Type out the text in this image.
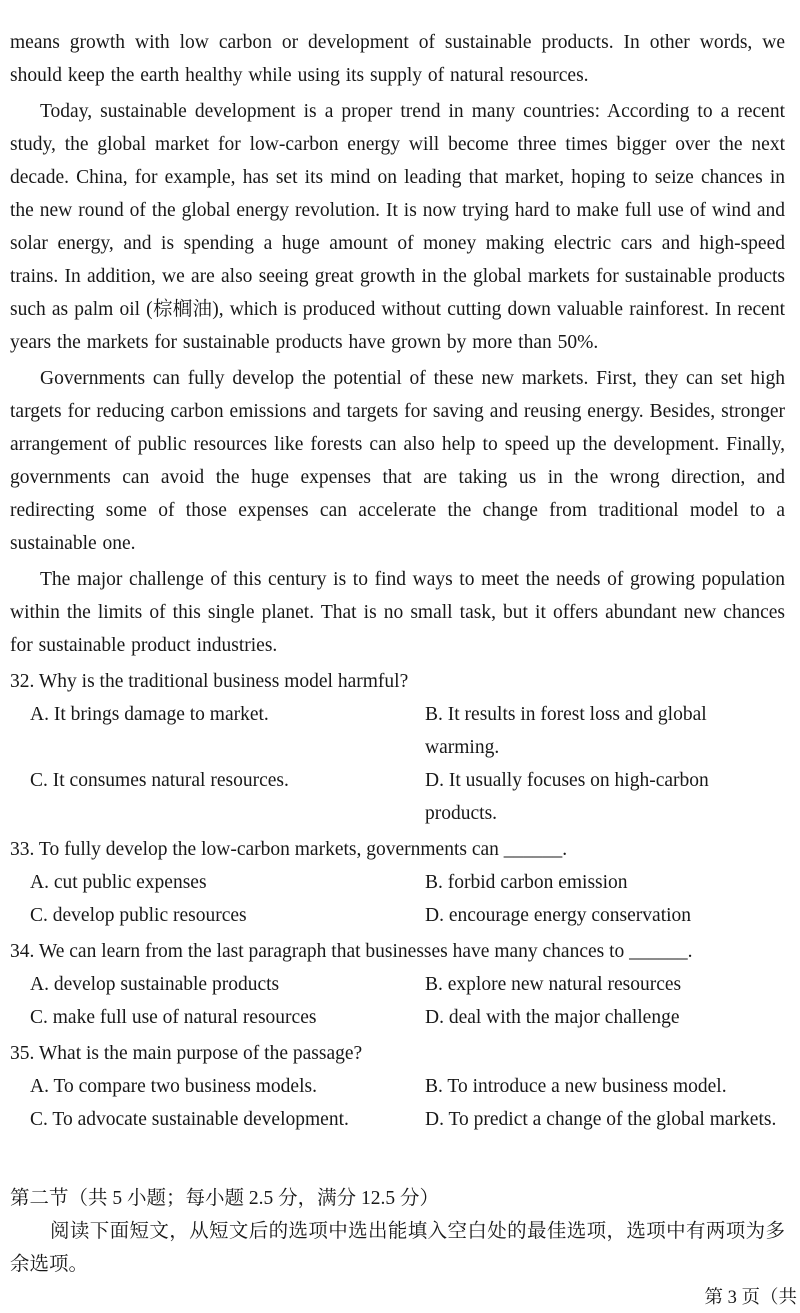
means growth with low carbon or development of sustainable products. In other words, we should keep the earth healthy while using its supply of natural resources.

Today, sustainable development is a proper trend in many countries: According to a recent study, the global market for low-carbon energy will become three times bigger over the next decade. China, for example, has set its mind on leading that market, hoping to seize chances in the new round of the global energy revolution. It is now trying hard to make full use of wind and solar energy, and is spending a huge amount of money making electric cars and high-speed trains. In addition, we are also seeing great growth in the global markets for sustainable products such as palm oil (棕榈油), which is produced without cutting down valuable rainforest. In recent years the markets for sustainable products have grown by more than 50%.

Governments can fully develop the potential of these new markets. First, they can set high targets for reducing carbon emissions and targets for saving and reusing energy. Besides, stronger arrangement of public resources like forests can also help to speed up the development. Finally, governments can avoid the huge expenses that are taking us in the wrong direction, and redirecting some of those expenses can accelerate the change from traditional model to a sustainable one.

The major challenge of this century is to find ways to meet the needs of growing population within the limits of this single planet. That is no small task, but it offers abundant new chances for sustainable product industries.

32. Why is the traditional business model harmful?
A. It brings damage to market.	B. It results in forest loss and global warming.
C. It consumes natural resources.	D. It usually focuses on high-carbon products.
33. To fully develop the low-carbon markets, governments can ______.
A. cut public expenses	B. forbid carbon emission
C. develop public resources	D. encourage energy conservation
34. We can learn from the last paragraph that businesses have many chances to ______.
A. develop sustainable products	B. explore new natural resources
C. make full use of natural resources	D. deal with the major challenge
35. What is the main purpose of the passage?
A. To compare two business models.	B. To introduce a new business model.
C. To advocate sustainable development.	D. To predict a change of the global markets.
第二节（共 5 小题；每小题 2.5 分，满分 12.5 分）

阅读下面短文，从短文后的选项中选出能填入空白处的最佳选项，选项中有两项为多余选项。

第 3 页（共
